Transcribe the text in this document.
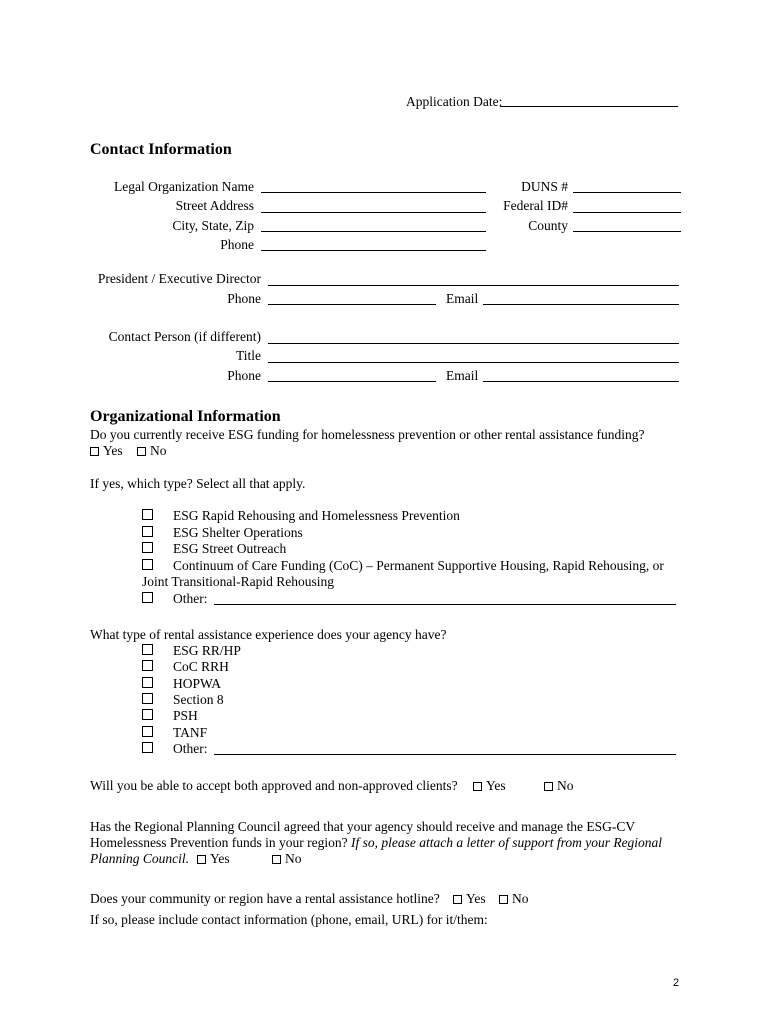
Application Date:
Contact Information
Legal Organization Name	DUNS #
Street Address	Federal ID#
City, State, Zip	County
Phone
President / Executive Director
Phone	Email
Contact Person (if different)
Title
Phone	Email
Organizational Information
Do you currently receive ESG funding for homelessness prevention or other rental assistance funding?
Yes	No
If yes, which type? Select all that apply.
ESG Rapid Rehousing and Homelessness Prevention
ESG Shelter Operations
ESG Street Outreach
Continuum of Care Funding (CoC) – Permanent Supportive Housing, Rapid Rehousing, or
Joint Transitional-Rapid Rehousing
Other:
What type of rental assistance experience does your agency have?
ESG RR/HP
CoC RRH
HOPWA
Section 8
PSH
TANF
Other:
Will you be able to accept both approved and non-approved clients?	Yes	No
Has the Regional Planning Council agreed that your agency should receive and manage the ESG-CV
Homelessness Prevention funds in your region? If so, please attach a letter of support from your Regional
Planning Council.	Yes	No
Does your community or region have a rental assistance hotline?	Yes	No
If so, please include contact information (phone, email, URL) for it/them:
2
